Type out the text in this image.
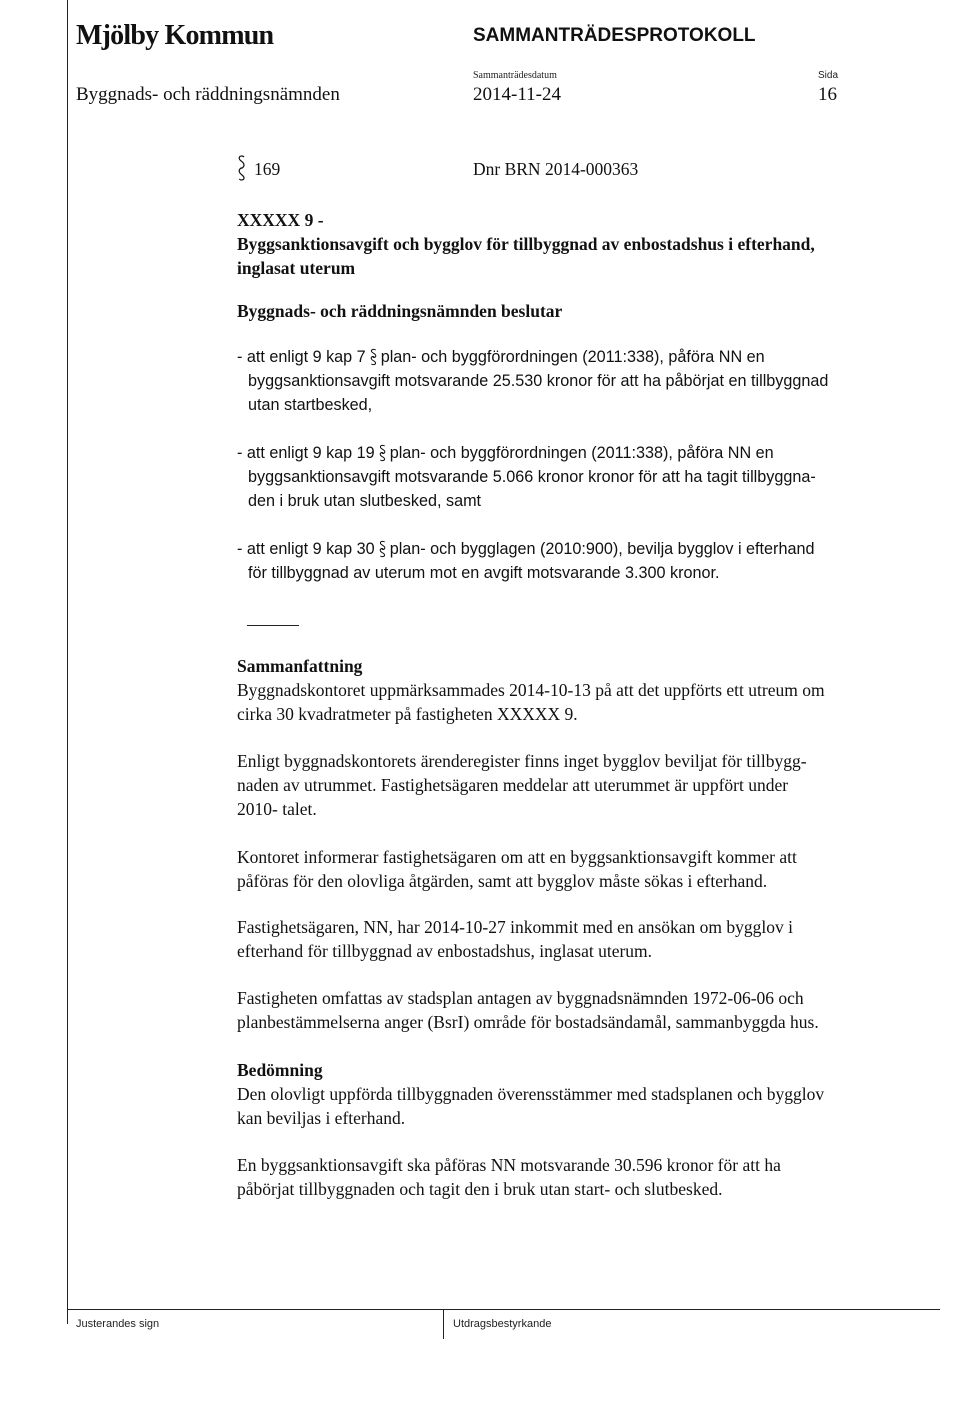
Mjölby Kommun	SAMMANTRÄDESPROTOKOLL
Sammanträdesdatum	Sida
Byggnads- och räddningsnämnden	2014-11-24	16
169	Dnr BRN 2014-000363
XXXXX 9 -
Byggsanktionsavgift och bygglov för tillbyggnad av enbostadshus i efterhand,
inglasat uterum
Byggnads- och räddningsnämnden beslutar
- att enligt 9 kap 7 plan- och byggförordningen (2011:338), påföra NN en
byggsanktionsavgift motsvarande 25.530 kronor för att ha påbörjat en tillbyggnad
utan startbesked,
- att enligt 9 kap 19 plan- och byggförordningen (2011:338), påföra NN en
byggsanktionsavgift motsvarande 5.066 kronor kronor för att ha tagit tillbyggna-
den i bruk utan slutbesked, samt
- att enligt 9 kap 30 plan- och bygglagen (2010:900), bevilja bygglov i efterhand
för tillbyggnad av uterum mot en avgift motsvarande 3.300 kronor.
Sammanfattning
Byggnadskontoret uppmärksammades 2014-10-13 på att det uppförts ett utreum om
cirka 30 kvadratmeter på fastigheten XXXXX 9.
Enligt byggnadskontorets ärenderegister finns inget bygglov beviljat för tillbygg-
naden av utrummet. Fastighetsägaren meddelar att uterummet är uppfört under
2010- talet.
Kontoret informerar fastighetsägaren om att en byggsanktionsavgift kommer att
påföras för den olovliga åtgärden, samt att bygglov måste sökas i efterhand.
Fastighetsägaren, NN, har 2014-10-27 inkommit med en ansökan om bygglov i
efterhand för tillbyggnad av enbostadshus, inglasat uterum.
Fastigheten omfattas av stadsplan antagen av byggnadsnämnden 1972-06-06 och
planbestämmelserna anger (BsrI) område för bostadsändamål, sammanbyggda hus.
Bedömning
Den olovligt uppförda tillbyggnaden överensstämmer med stadsplanen och bygglov
kan beviljas i efterhand.
En byggsanktionsavgift ska påföras NN motsvarande 30.596 kronor för att ha
påbörjat tillbyggnaden och tagit den i bruk utan start- och slutbesked.
Justerandes sign	Utdragsbestyrkande
